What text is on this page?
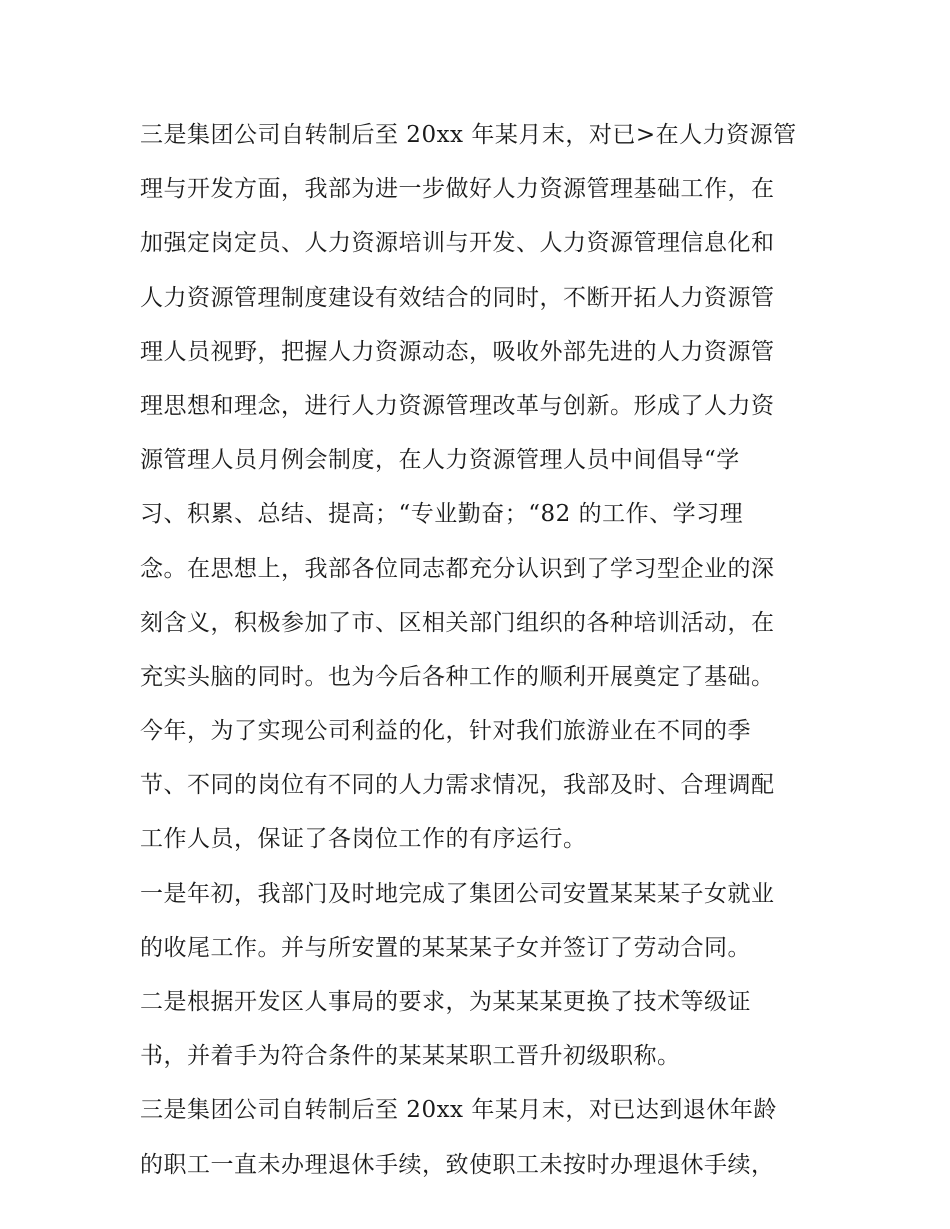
三是集团公司自转制后至 20xx 年某月末，对已>在人力资源管
理与开发方面，我部为进一步做好人力资源管理基础工作，在
加强定岗定员、人力资源培训与开发、人力资源管理信息化和
人力资源管理制度建设有效结合的同时，不断开拓人力资源管
理人员视野，把握人力资源动态，吸收外部先进的人力资源管
理思想和理念，进行人力资源管理改革与创新。形成了人力资
源管理人员月例会制度，在人力资源管理人员中间倡导“学
习、积累、总结、提高；“专业勤奋；“82 的工作、学习理
念。在思想上，我部各位同志都充分认识到了学习型企业的深
刻含义，积极参加了市、区相关部门组织的各种培训活动，在
充实头脑的同时。也为今后各种工作的顺利开展奠定了基础。
今年，为了实现公司利益的化，针对我们旅游业在不同的季
节、不同的岗位有不同的人力需求情况，我部及时、合理调配
工作人员，保证了各岗位工作的有序运行。
一是年初，我部门及时地完成了集团公司安置某某某子女就业
的收尾工作。并与所安置的某某某子女并签订了劳动合同。
二是根据开发区人事局的要求，为某某某更换了技术等级证
书，并着手为符合条件的某某某职工晋升初级职称。
三是集团公司自转制后至 20xx 年某月末，对已达到退休年龄
的职工一直未办理退休手续，致使职工未按时办理退休手续，
